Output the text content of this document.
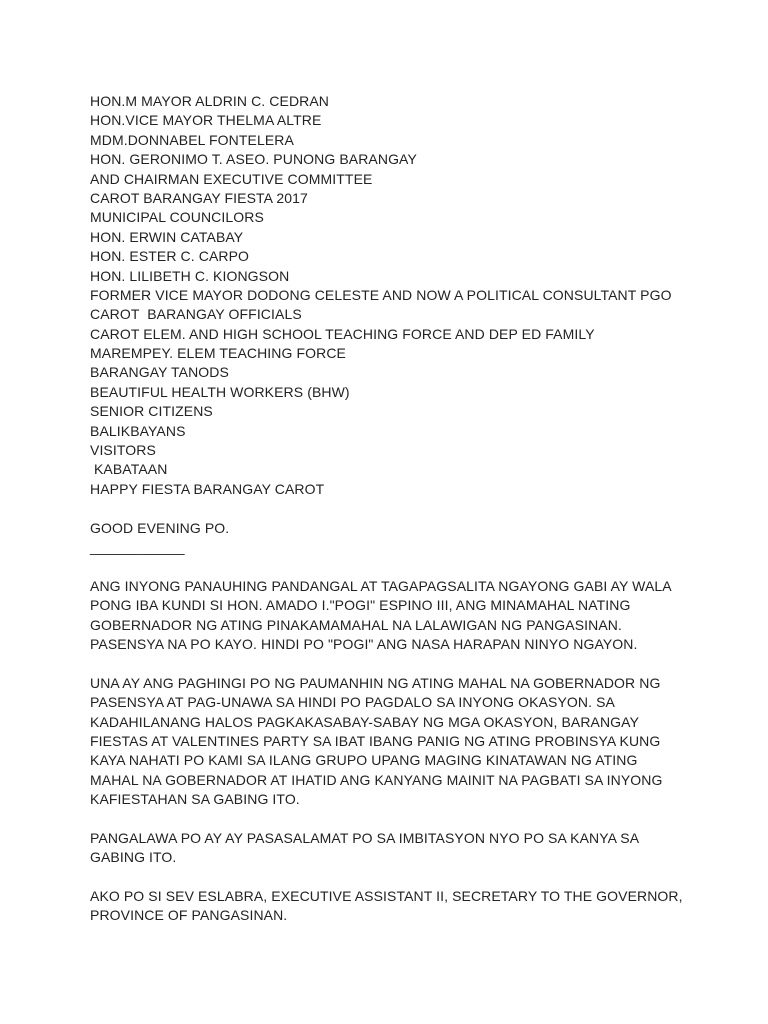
HON.M MAYOR ALDRIN C. CEDRAN
HON.VICE MAYOR THELMA ALTRE
MDM.DONNABEL FONTELERA
HON. GERONIMO T. ASEO. PUNONG BARANGAY
AND CHAIRMAN EXECUTIVE COMMITTEE
CAROT BARANGAY FIESTA 2017
MUNICIPAL COUNCILORS
HON. ERWIN CATABAY
HON. ESTER C. CARPO
HON. LILIBETH C. KIONGSON
FORMER VICE MAYOR DODONG CELESTE AND NOW A POLITICAL CONSULTANT PGO
CAROT  BARANGAY OFFICIALS
CAROT ELEM. AND HIGH SCHOOL TEACHING FORCE AND DEP ED FAMILY
MAREMPEY. ELEM TEACHING FORCE
BARANGAY TANODS
BEAUTIFUL HEALTH WORKERS (BHW)
SENIOR CITIZENS
BALIKBAYANS
VISITORS
KABATAAN
HAPPY FIESTA BARANGAY CAROT
GOOD EVENING PO.
____________
ANG INYONG PANAUHING PANDANGAL AT TAGAPAGSALITA NGAYONG GABI AY WALA
PONG IBA KUNDI SI HON. AMADO I."POGI" ESPINO III, ANG MINAMAHAL NATING
GOBERNADOR NG ATING PINAKAMAMAHAL NA LALAWIGAN NG PANGASINAN.
PASENSYA NA PO KAYO. HINDI PO "POGI" ANG NASA HARAPAN NINYO NGAYON.
UNA AY ANG PAGHINGI PO NG PAUMANHIN NG ATING MAHAL NA GOBERNADOR NG
PASENSYA AT PAG-UNAWA SA HINDI PO PAGDALO SA INYONG OKASYON. SA
KADAHILANANG HALOS PAGKAKASABAY-SABAY NG MGA OKASYON, BARANGAY
FIESTAS AT VALENTINES PARTY SA IBAT IBANG PANIG NG ATING PROBINSYA KUNG
KAYA NAHATI PO KAMI SA ILANG GRUPO UPANG MAGING KINATAWAN NG ATING
MAHAL NA GOBERNADOR AT IHATID ANG KANYANG MAINIT NA PAGBATI SA INYONG
KAFIESTAHAN SA GABING ITO.
PANGALAWA PO AY AY PASASALAMAT PO SA IMBITASYON NYO PO SA KANYA SA
GABING ITO.
AKO PO SI SEV ESLABRA, EXECUTIVE ASSISTANT II, SECRETARY TO THE GOVERNOR,
PROVINCE OF PANGASINAN.
